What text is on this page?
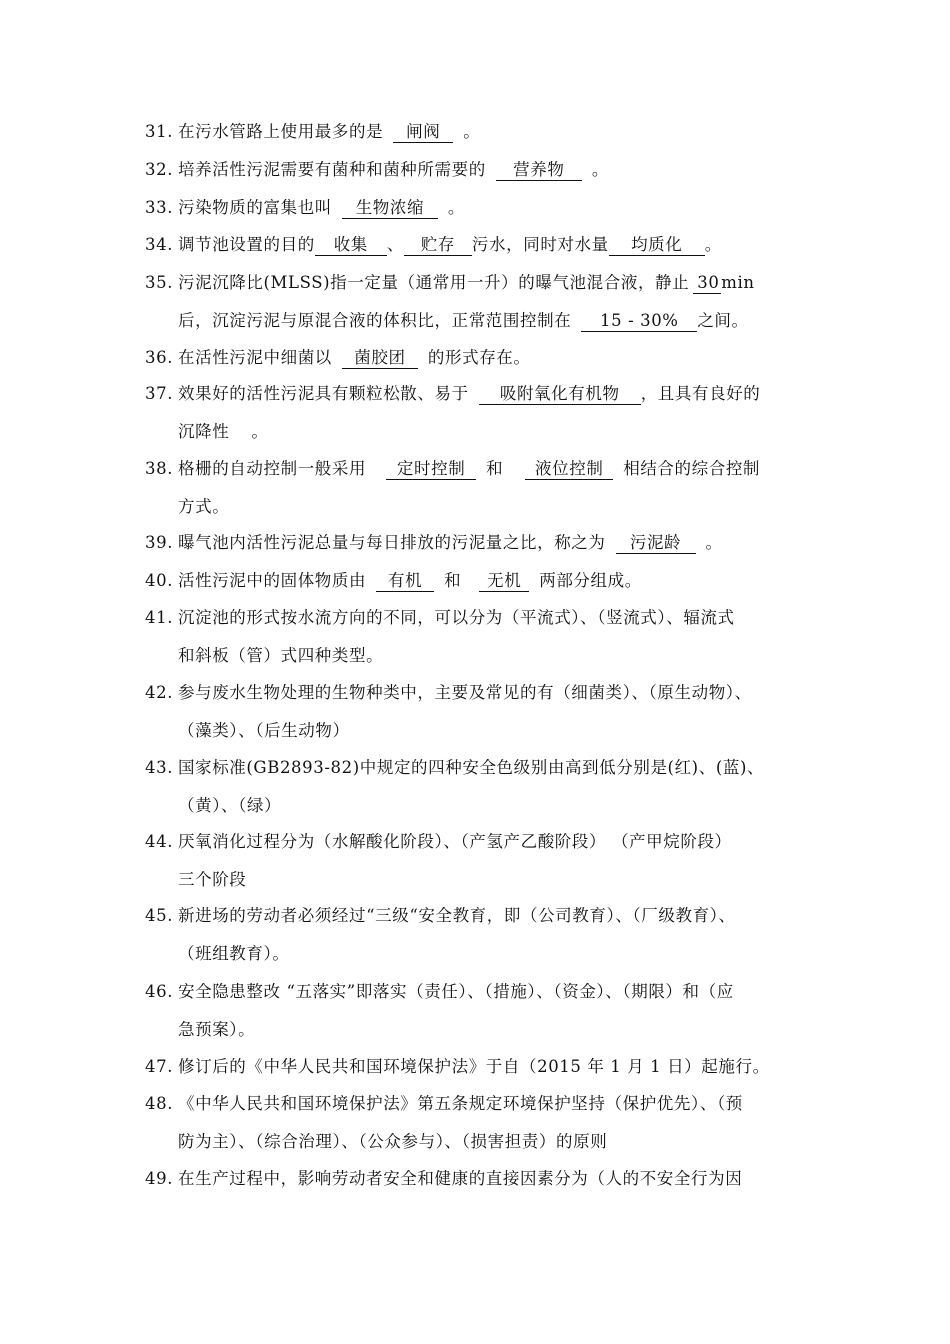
31. 在污水管路上使用最多的是 闸阀 。
32. 培养活性污泥需要有菌种和菌种所需要的 营养物 。
33. 污染物质的富集也叫 生物浓缩 。
34. 调节池设置的目的 收集 、 贮存 污水，同时对水量 均质化 。
35. 污泥沉降比(MLSS)指一定量（通常用一升）的曝气池混合液，静止 30 min
后，沉淀污泥与原混合液的体积比，正常范围控制在 15 - 30% 之间。
36. 在活性污泥中细菌以 菌胶团 的形式存在。
37. 效果好的活性污泥具有颗粒松散、易于 吸附氧化有机物 ，且具有良好的
沉降性 。
38. 格栅的自动控制一般采用 定时控制 和 液位控制 相结合的综合控制
方式。
39. 曝气池内活性污泥总量与每日排放的污泥量之比，称之为 污泥龄 。
40. 活性污泥中的固体物质由 有机 和 无机 两部分组成。
41. 沉淀池的形式按水流方向的不同，可以分为（平流式）、（竖流式）、辐流式
和斜板（管）式四种类型。
42. 参与废水生物处理的生物种类中，主要及常见的有（细菌类）、（原生动物）、
（藻类）、（后生动物）
43. 国家标准(GB2893-82)中规定的四种安全色级别由高到低分别是(红)、(蓝)、
（黄）、（绿）
44. 厌氧消化过程分为（水解酸化阶段）、（产氢产乙酸阶段） （产甲烷阶段）
三个阶段
45. 新进场的劳动者必须经过“三级“安全教育，即（公司教育）、（厂级教育）、
（班组教育）。
46. 安全隐患整改 “五落实”即落实（责任）、（措施）、（资金）、（期限）和（应
急预案）。
47. 修订后的《中华人民共和国环境保护法》于自（2015 年 1 月 1 日）起施行。
48. 《中华人民共和国环境保护法》第五条规定环境保护坚持（保护优先）、（预
防为主）、（综合治理）、（公众参与）、（损害担责）的原则
49. 在生产过程中，影响劳动者安全和健康的直接因素分为（人的不安全行为因
